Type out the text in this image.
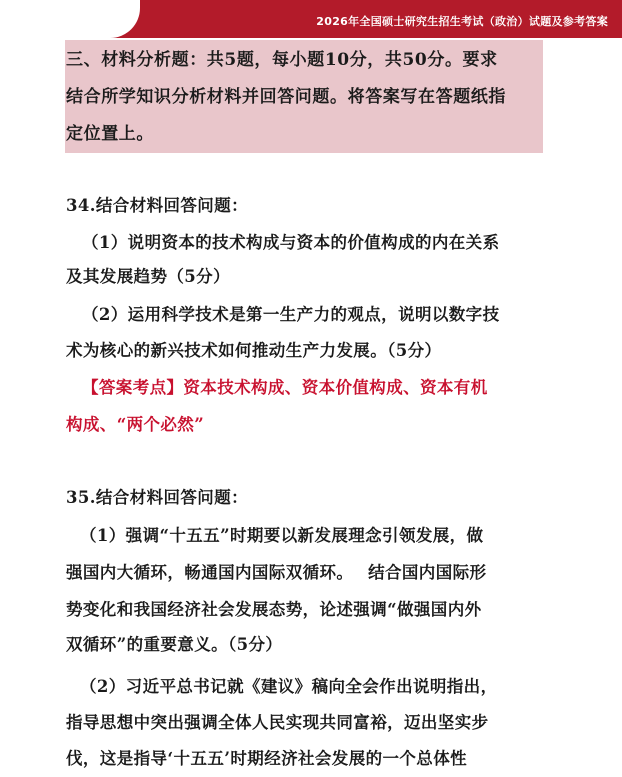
2026年全国硕士研究生招生考试（政治）试题及参考答案
三、材料分析题：共5题，每小题10分，共50分。要求
结合所学知识分析材料并回答问题。将答案写在答题纸指
定位置上。
34.结合材料回答问题：
（1）说明资本的技术构成与资本的价值构成的内在关系
及其发展趋势（5分）
（2）运用科学技术是第一生产力的观点，说明以数字技
术为核心的新兴技术如何推动生产力发展。（5分）
【答案考点】资本技术构成、资本价值构成、资本有机
构成、“两个必然”
35.结合材料回答问题：
（1）强调“十五五”时期要以新发展理念引领发展，做
强国内大循环，畅通国内国际双循环。　 结合国内国际形
势变化和我国经济社会发展态势，论述强调“做强国内外
双循环”的重要意义。（5分）
（2）习近平总书记就《建议》稿向全会作出说明指出，
指导思想中突出强调全体人民实现共同富裕，迈出坚实步
伐，这是指导‘十五五’时期经济社会发展的一个总体性
